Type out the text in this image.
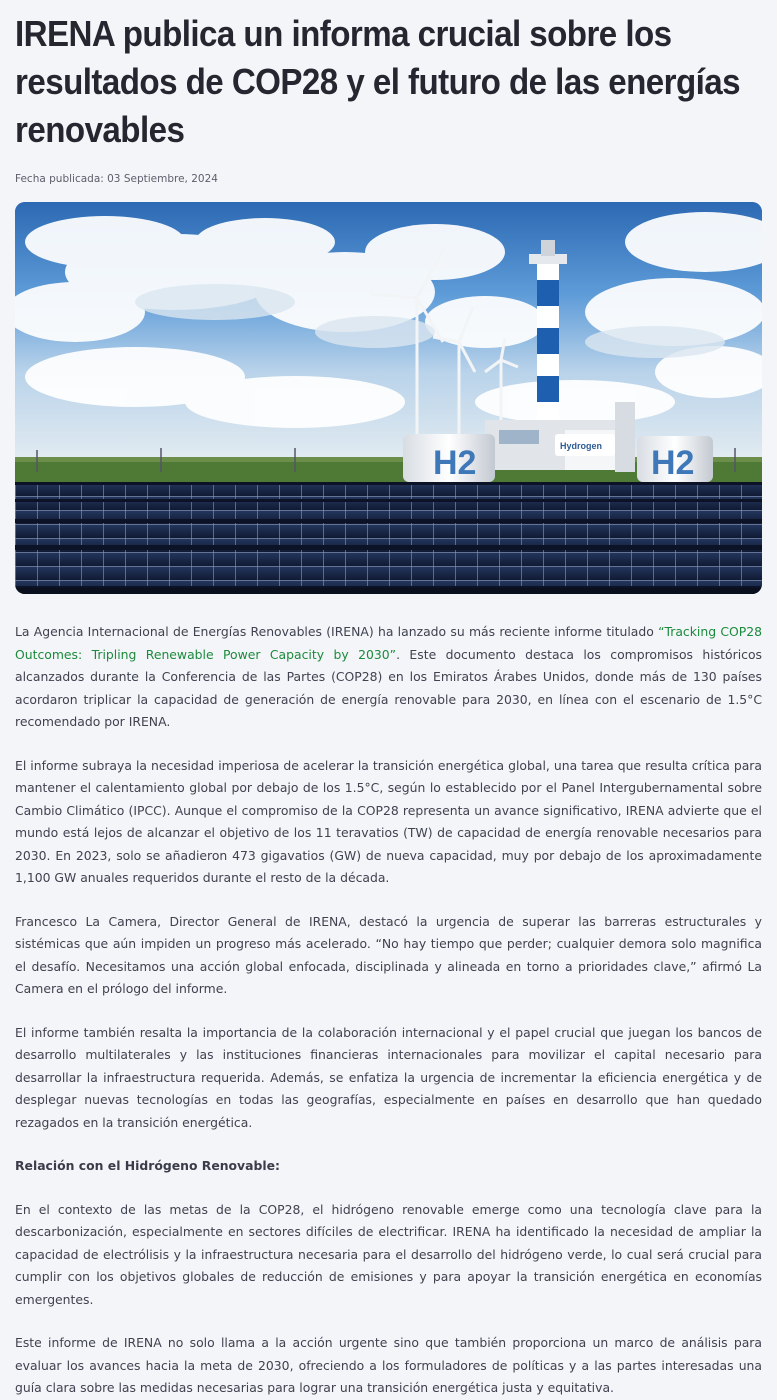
IRENA publica un informa crucial sobre los resultados de COP28 y el futuro de las energías renovables
Fecha publicada: 03 Septiembre, 2024
H2	H2
Hydrogen

La Agencia Internacional de Energías Renovables (IRENA) ha lanzado su más reciente informe titulado “Tracking COP28 Outcomes: Tripling Renewable Power Capacity by 2030”. Este documento destaca los compromisos históricos alcanzados durante la Conferencia de las Partes (COP28) en los Emiratos Árabes Unidos, donde más de 130 países acordaron triplicar la capacidad de generación de energía renovable para 2030, en línea con el escenario de 1.5°C recomendado por IRENA.

El informe subraya la necesidad imperiosa de acelerar la transición energética global, una tarea que resulta crítica para mantener el calentamiento global por debajo de los 1.5°C, según lo establecido por el Panel Intergubernamental sobre Cambio Climático (IPCC). Aunque el compromiso de la COP28 representa un avance significativo, IRENA advierte que el mundo está lejos de alcanzar el objetivo de los 11 teravatios (TW) de capacidad de energía renovable necesarios para 2030. En 2023, solo se añadieron 473 gigavatios (GW) de nueva capacidad, muy por debajo de los aproximadamente 1,100 GW anuales requeridos durante el resto de la década.

Francesco La Camera, Director General de IRENA, destacó la urgencia de superar las barreras estructurales y sistémicas que aún impiden un progreso más acelerado. “No hay tiempo que perder; cualquier demora solo magnifica el desafío. Necesitamos una acción global enfocada, disciplinada y alineada en torno a prioridades clave,” afirmó La Camera en el prólogo del informe.

El informe también resalta la importancia de la colaboración internacional y el papel crucial que juegan los bancos de desarrollo multilaterales y las instituciones financieras internacionales para movilizar el capital necesario para desarrollar la infraestructura requerida. Además, se enfatiza la urgencia de incrementar la eficiencia energética y de desplegar nuevas tecnologías en todas las geografías, especialmente en países en desarrollo que han quedado rezagados en la transición energética.

Relación con el Hidrógeno Renovable:

En el contexto de las metas de la COP28, el hidrógeno renovable emerge como una tecnología clave para la descarbonización, especialmente en sectores difíciles de electrificar. IRENA ha identificado la necesidad de ampliar la capacidad de electrólisis y la infraestructura necesaria para el desarrollo del hidrógeno verde, lo cual será crucial para cumplir con los objetivos globales de reducción de emisiones y para apoyar la transición energética en economías emergentes.

Este informe de IRENA no solo llama a la acción urgente sino que también proporciona un marco de análisis para evaluar los avances hacia la meta de 2030, ofreciendo a los formuladores de políticas y a las partes interesadas una guía clara sobre las medidas necesarias para lograr una transición energética justa y equitativa.
